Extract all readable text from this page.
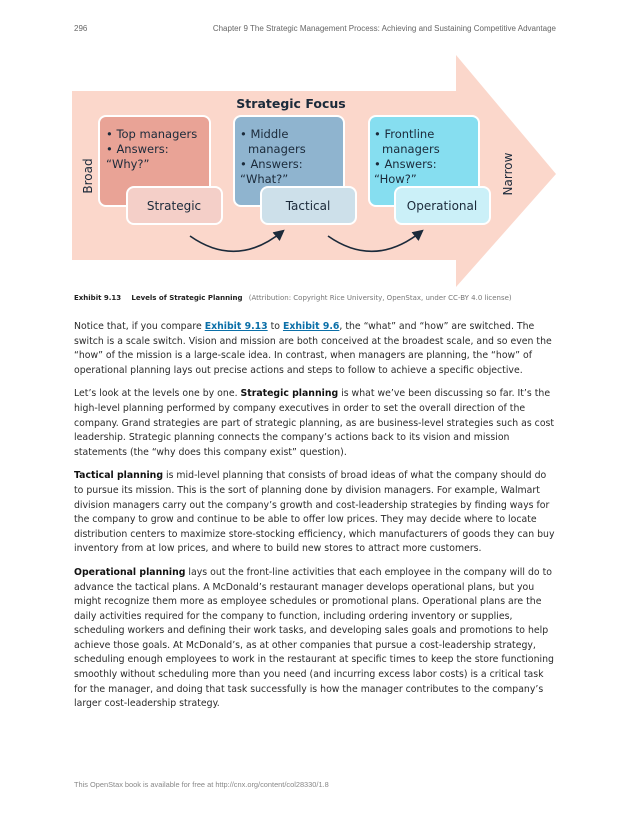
296	Chapter 9 The Strategic Management Process: Achieving and Sustaining Competitive Advantage
Strategic Focus
Broad	Narrow
• Top managers • Answers: “Why?”
Strategic
• Middle managers • Answers: “What?”
Tactical
• Frontline managers • Answers: “How?”
Operational
Exhibit 9.13 Levels of Strategic Planning (Attribution: Copyright Rice University, OpenStax, under CC-BY 4.0 license)

Notice that, if you compare Exhibit 9.13 to Exhibit 9.6, the “what” and “how” are switched. The switch is a scale switch. Vision and mission are both conceived at the broadest scale, and so even the “how” of the mission is a large-scale idea. In contrast, when managers are planning, the “how” of operational planning lays out precise actions and steps to follow to achieve a specific objective.

Let’s look at the levels one by one. Strategic planning is what we’ve been discussing so far. It’s the high-level planning performed by company executives in order to set the overall direction of the company. Grand strategies are part of strategic planning, as are business-level strategies such as cost leadership. Strategic planning connects the company’s actions back to its vision and mission statements (the “why does this company exist” question).

Tactical planning is mid-level planning that consists of broad ideas of what the company should do to pursue its mission. This is the sort of planning done by division managers. For example, Walmart division managers carry out the company’s growth and cost-leadership strategies by finding ways for the company to grow and continue to be able to offer low prices. They may decide where to locate distribution centers to maximize store-stocking efficiency, which manufacturers of goods they can buy inventory from at low prices, and where to build new stores to attract more customers.

Operational planning lays out the front-line activities that each employee in the company will do to advance the tactical plans. A McDonald’s restaurant manager develops operational plans, but you might recognize them more as employee schedules or promotional plans. Operational plans are the daily activities required for the company to function, including ordering inventory or supplies, scheduling workers and defining their work tasks, and developing sales goals and promotions to help achieve those goals. At McDonald’s, as at other companies that pursue a cost-leadership strategy, scheduling enough employees to work in the restaurant at specific times to keep the store functioning smoothly without scheduling more than you need (and incurring excess labor costs) is a critical task for the manager, and doing that task successfully is how the manager contributes to the company’s larger cost-leadership strategy.

This OpenStax book is available for free at http://cnx.org/content/col28330/1.8
